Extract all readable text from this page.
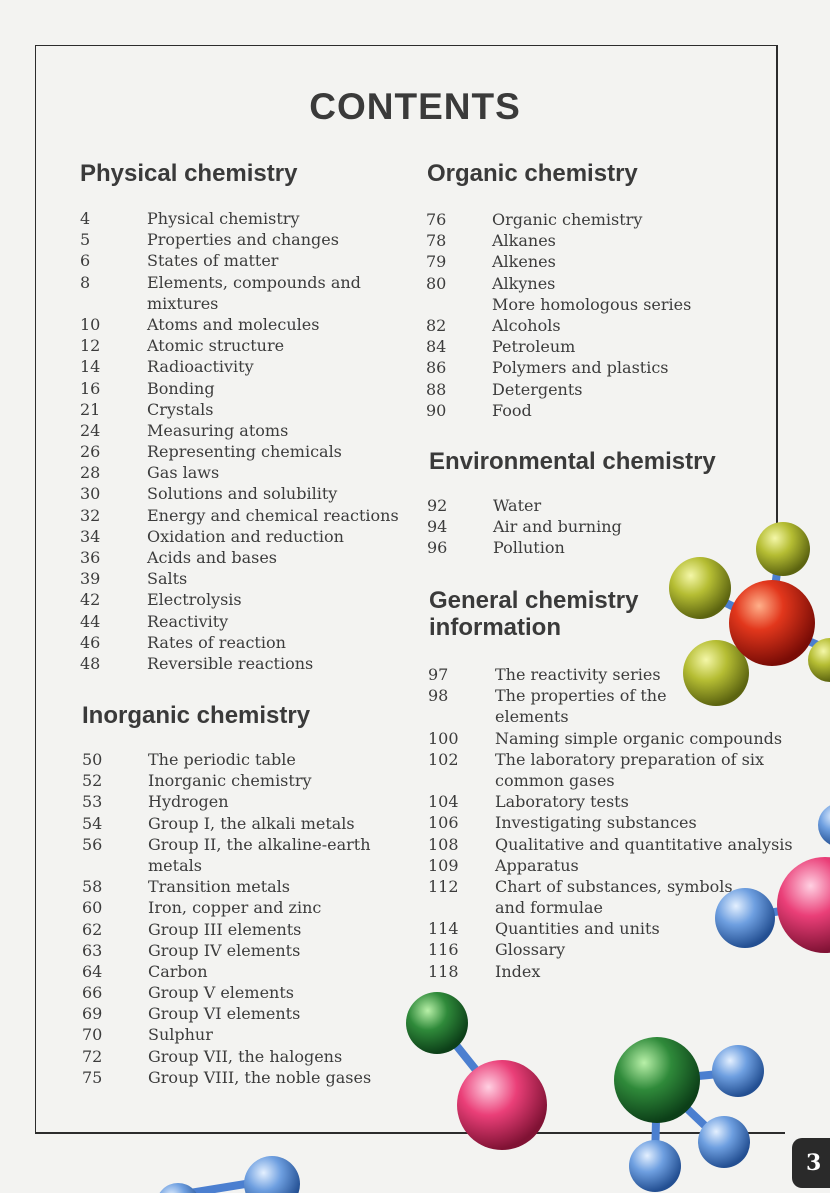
CONTENTS
Physical chemistry
4	Physical chemistry
5	Properties and changes
6	States of matter
8	Elements, compounds and
mixtures
10	Atoms and molecules
12	Atomic structure
14	Radioactivity
16	Bonding
21	Crystals
24	Measuring atoms
26	Representing chemicals
28	Gas laws
30	Solutions and solubility
32	Energy and chemical reactions
34	Oxidation and reduction
36	Acids and bases
39	Salts
42	Electrolysis
44	Reactivity
46	Rates of reaction
48	Reversible reactions
Inorganic chemistry
50	The periodic table
52	Inorganic chemistry
53	Hydrogen
54	Group I, the alkali metals
56	Group II, the alkaline-earth
metals
58	Transition metals
60	Iron, copper and zinc
62	Group III elements
63	Group IV elements
64	Carbon
66	Group V elements
69	Group VI elements
70	Sulphur
72	Group VII, the halogens
75	Group VIII, the noble gases
Organic chemistry
76	Organic chemistry
78	Alkanes
79	Alkenes
80	Alkynes
More homologous series
82	Alcohols
84	Petroleum
86	Polymers and plastics
88	Detergents
90	Food
Environmental chemistry
92	Water
94	Air and burning
96	Pollution
General chemistry
information
97	The reactivity series
98	The properties of the
elements
100	Naming simple organic compounds
102	The laboratory preparation of six
common gases
104	Laboratory tests
106	Investigating substances
108	Qualitative and quantitative analysis
109	Apparatus
112	Chart of substances, symbols
and formulae
114	Quantities and units
116	Glossary
118	Index
3
